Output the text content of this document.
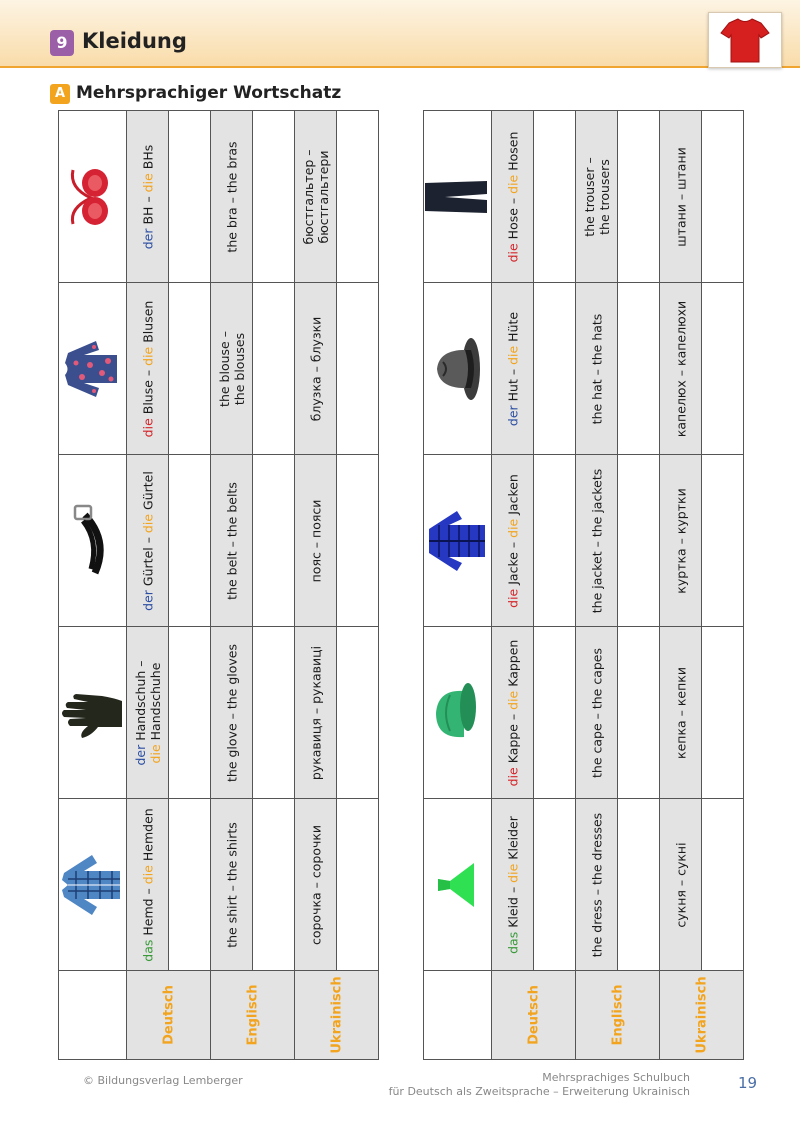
9 Kleidung
A Mehrsprachiger Wortschatz

der BH – die BHs		the bra – the bras		бюстгальтер –
бюстгальтери	

die Bluse – die Blusen		the blouse –
the blouses		блузка – блузки	

der Gürtel – die Gürtel		the belt – the belts		пояс – пояси	

der Handschuh –
die Handschuhe		the glove – the gloves		рукавиця – рукавиці	

das Hemd – die Hemden		the shirt – the shirts		сорочка – сорочки	

	Deutsch		Englisch		Ukrainisch	

die Hose – die Hosen		the trouser –
the trousers		штани – штани	

der Hut – die Hüte		the hat – the hats		капелюх – капелюхи	

die Jacke – die Jacken		the jacket – the jackets		куртка – куртки	

die Kappe – die Kappen		the cape – the capes		кепка – кепки	

das Kleid – die Kleider		the dress – the dresses		сукня – сукні	

	Deutsch		Englisch		Ukrainisch	
© Bildungsverlag Lemberger	Mehrsprachiges Schulbuch
für Deutsch als Zweitsprache – Erweiterung Ukrainisch	19
